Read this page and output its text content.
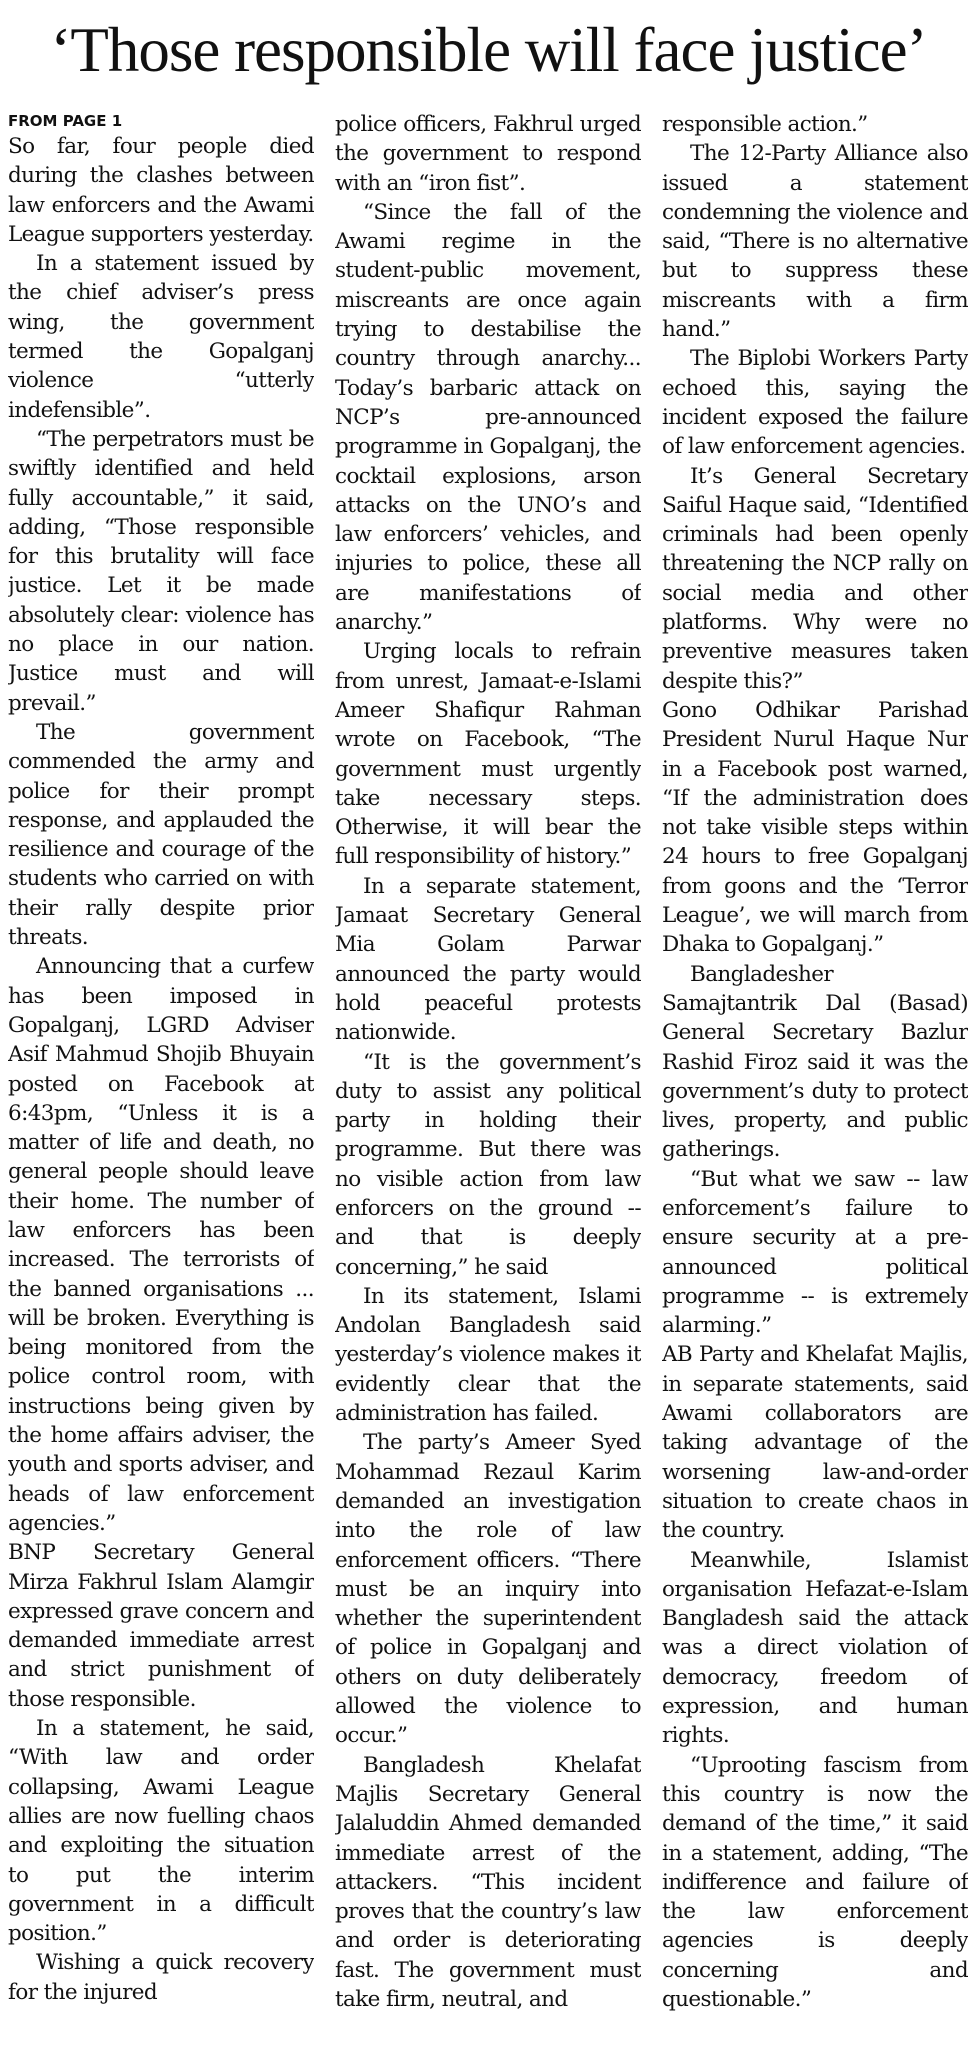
‘Those responsible will face justice’
FROM PAGE 1

So far, four people died during the clashes between law enforcers and the Awami League supporters yesterday.

In a statement issued by the chief adviser’s press wing, the government termed the Gopalganj violence “utterly indefensible”.

“The perpetrators must be swiftly identified and held fully accountable,” it said, adding, “Those responsible for this brutality will face justice. Let it be made absolutely clear: violence has no place in our nation. Justice must and will prevail.”

The government commended the army and police for their prompt response, and applauded the resilience and courage of the students who carried on with their rally despite prior threats.

Announcing that a curfew has been imposed in Gopalganj, LGRD Adviser Asif Mahmud Shojib Bhuyain posted on Facebook at 6:43pm, “Unless it is a matter of life and death, no general people should leave their home. The number of law enforcers has been increased. The terrorists of the banned organisations ... will be broken. Everything is being monitored from the police control room, with instructions being given by the home affairs adviser, the youth and sports adviser, and heads of law enforcement agencies.”

BNP Secretary General Mirza Fakhrul Islam Alamgir expressed grave concern and demanded immediate arrest and strict punishment of those responsible.

In a statement, he said, “With law and order collapsing, Awami League allies are now fuelling chaos and exploiting the situation to put the interim government in a difficult position.”

Wishing a quick recovery for the injured

police officers, Fakhrul urged the government to respond with an “iron fist”.

“Since the fall of the Awami regime in the student-public movement, miscreants are once again trying to destabilise the country through anarchy... Today’s barbaric attack on NCP’s pre-announced programme in Gopalganj, the cocktail explosions, arson attacks on the UNO’s and law enforcers’ vehicles, and injuries to police, these all are manifestations of anarchy.”

Urging locals to refrain from unrest, Jamaat-e-Islami Ameer Shafiqur Rahman wrote on Facebook, “The government must urgently take necessary steps. Otherwise, it will bear the full responsibility of history.”

In a separate statement, Jamaat Secretary General Mia Golam Parwar announced the party would hold peaceful protests nationwide.

“It is the government’s duty to assist any political party in holding their programme. But there was no visible action from law enforcers on the ground -- and that is deeply concerning,” he said

In its statement, Islami Andolan Bangladesh said yesterday’s violence makes it evidently clear that the administration has failed.

The party’s Ameer Syed Mohammad Rezaul Karim demanded an investigation into the role of law enforcement officers. “There must be an inquiry into whether the superintendent of police in Gopalganj and others on duty deliberately allowed the violence to occur.”

Bangladesh Khelafat Majlis Secretary General Jalaluddin Ahmed demanded immediate arrest of the attackers. “This incident proves that the country’s law and order is deteriorating fast. The government must take firm, neutral, and

responsible action.”

The 12-Party Alliance also issued a statement condemning the violence and said, “There is no alternative but to suppress these miscreants with a firm hand.”

The Biplobi Workers Party echoed this, saying the incident exposed the failure of law enforcement agencies.

It’s General Secretary Saiful Haque said, “Identified criminals had been openly threatening the NCP rally on social media and other platforms. Why were no preventive measures taken despite this?”

Gono Odhikar Parishad President Nurul Haque Nur in a Facebook post warned, “If the administration does not take visible steps within 24 hours to free Gopalganj from goons and the ‘Terror League’, we will march from Dhaka to Gopalganj.”

Bangladesher Samajtantrik Dal (Basad) General Secretary Bazlur Rashid Firoz said it was the government’s duty to protect lives, property, and public gatherings.

“But what we saw -- law enforcement’s failure to ensure security at a pre-announced political programme -- is extremely alarming.”

AB Party and Khelafat Majlis, in separate statements, said Awami collaborators are taking advantage of the worsening law-and-order situation to create chaos in the country.

Meanwhile, Islamist organisation Hefazat-e-Islam Bangladesh said the attack was a direct violation of democracy, freedom of expression, and human rights.

“Uprooting fascism from this country is now the demand of the time,” it said in a statement, adding, “The indifference and failure of the law enforcement agencies is deeply concerning and questionable.”
